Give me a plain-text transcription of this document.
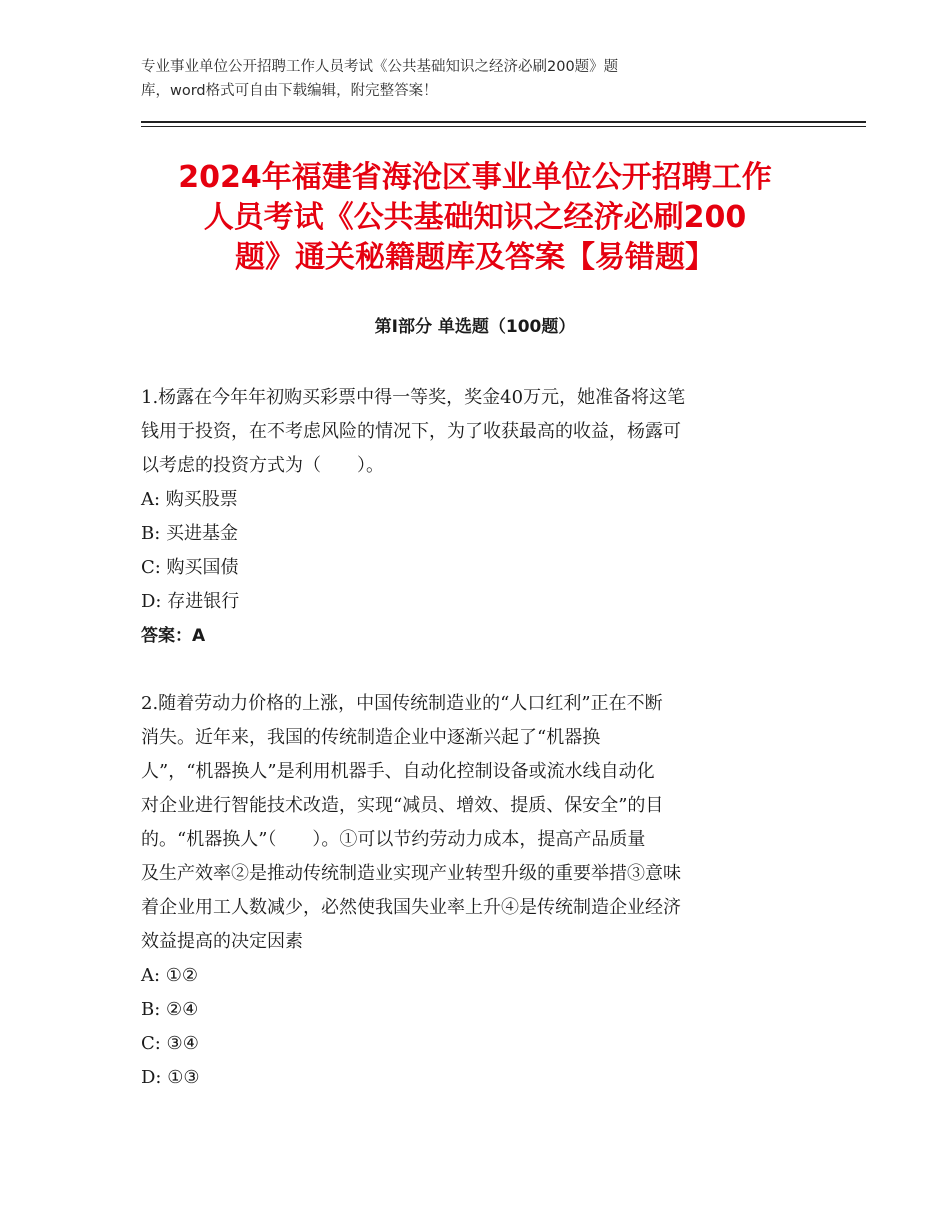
专业事业单位公开招聘工作人员考试《公共基础知识之经济必刷200题》题
库，word格式可自由下载编辑，附完整答案！
2024年福建省海沧区事业单位公开招聘工作
人员考试《公共基础知识之经济必刷200
题》通关秘籍题库及答案【易错题】
第Ⅰ部分 单选题（100题）

1.杨露在今年年初购买彩票中得一等奖，奖金40万元，她准备将这笔

钱用于投资，在不考虑风险的情况下，为了收获最高的收益，杨露可

以考虑的投资方式为（　　）。

A: 购买股票

B: 买进基金

C: 购买国债

D: 存进银行

答案：A

2.随着劳动力价格的上涨，中国传统制造业的“人口红利”正在不断

消失。近年来，我国的传统制造企业中逐渐兴起了“机器换

人”，“机器换人”是利用机器手、自动化控制设备或流水线自动化

对企业进行智能技术改造，实现“减员、增效、提质、保安全”的目

的。“机器换人”（　　）。①可以节约劳动力成本，提高产品质量

及生产效率②是推动传统制造业实现产业转型升级的重要举措③意味

着企业用工人数减少，必然使我国失业率上升④是传统制造企业经济

效益提高的决定因素

A: ①②

B: ②④

C: ③④

D: ①③
